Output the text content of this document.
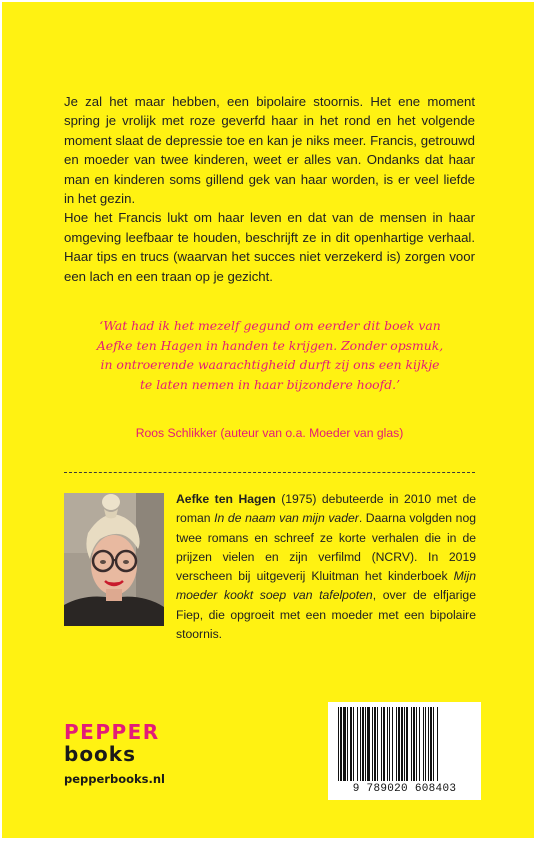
Je zal het maar hebben, een bipolaire stoornis. Het ene moment spring je vrolijk met roze geverfd haar in het rond en het volgende moment slaat de depressie toe en kan je niks meer. Francis, getrouwd en moeder van twee kinderen, weet er alles van. Ondanks dat haar man en kinderen soms gillend gek van haar worden, is er veel liefde in het gezin.

Hoe het Francis lukt om haar leven en dat van de mensen in haar omgeving leefbaar te houden, beschrijft ze in dit openhartige verhaal. Haar tips en trucs (waarvan het succes niet verzekerd is) zorgen voor een lach en een traan op je gezicht.

‘Wat had ik het mezelf gegund om eerder dit boek van Aefke ten Hagen in handen te krijgen. Zonder opsmuk, in ontroerende waarachtigheid durft zij ons een kijkje te laten nemen in haar bijzondere hoofd.’
Roos Schlikker (auteur van o.a. Moeder van glas)
Aefke ten Hagen (1975) debuteerde in 2010 met de roman In de naam van mijn vader. Daarna volgden nog twee romans en schreef ze korte verhalen die in de prijzen vielen en zijn verfilmd (NCRV). In 2019 verscheen bij uitgeverij Kluitman het kinderboek Mijn moeder kookt soep van tafelpoten, over de elfjarige Fiep, die opgroeit met een moeder met een bipolaire stoornis.
PEPPER
books
pepperbooks.nl
9 789020 608403
